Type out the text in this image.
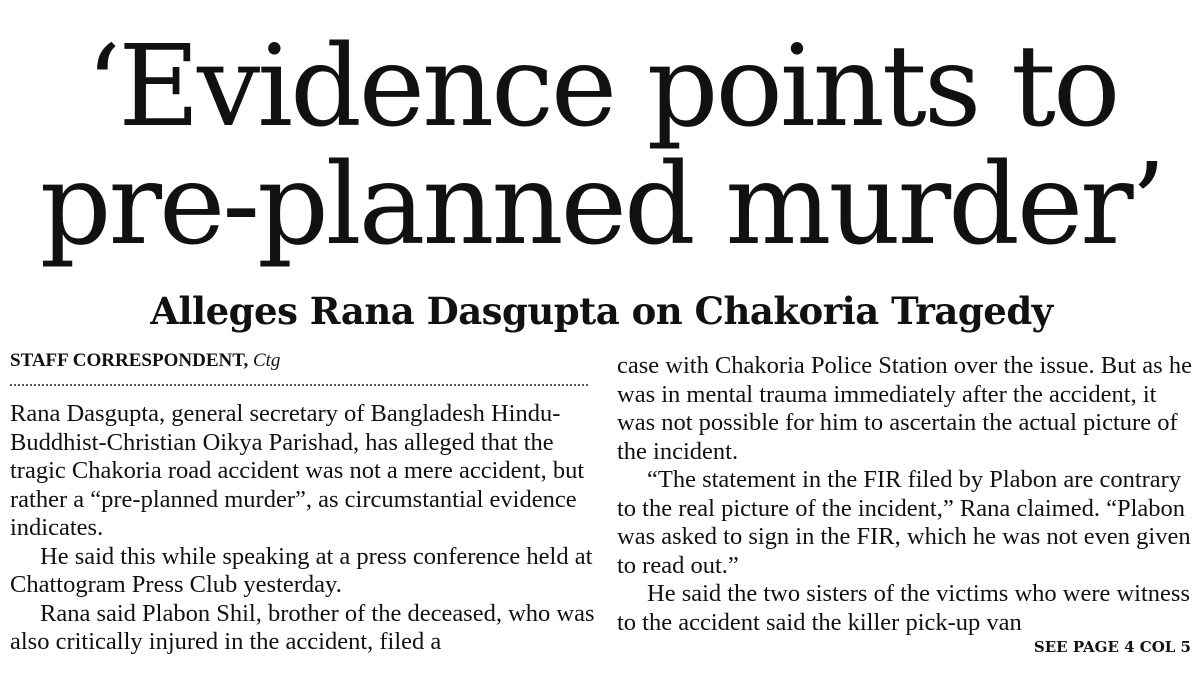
‘Evidence points to
pre-planned murder’
Alleges Rana Dasgupta on Chakoria Tragedy

STAFF CORRESPONDENT, Ctg

Rana Dasgupta, general secretary of Bangladesh Hindu-Buddhist-Christian Oikya Parishad, has alleged that the tragic Chakoria road accident was not a mere accident, but rather a “pre-planned murder”, as circumstantial evidence indicates.

He said this while speaking at a press conference held at Chattogram Press Club yesterday.

Rana said Plabon Shil, brother of the deceased, who was also critically injured in the accident, filed a

case with Chakoria Police Station over the issue. But as he was in mental trauma immediately after the accident, it was not possible for him to ascertain the actual picture of the incident.

“The statement in the FIR filed by Plabon are contrary to the real picture of the incident,” Rana claimed. “Plabon was asked to sign in the FIR, which he was not even given to read out.”

He said the two sisters of the victims who were witness to the accident said the killer pick-up van

SEE PAGE 4 COL 5
